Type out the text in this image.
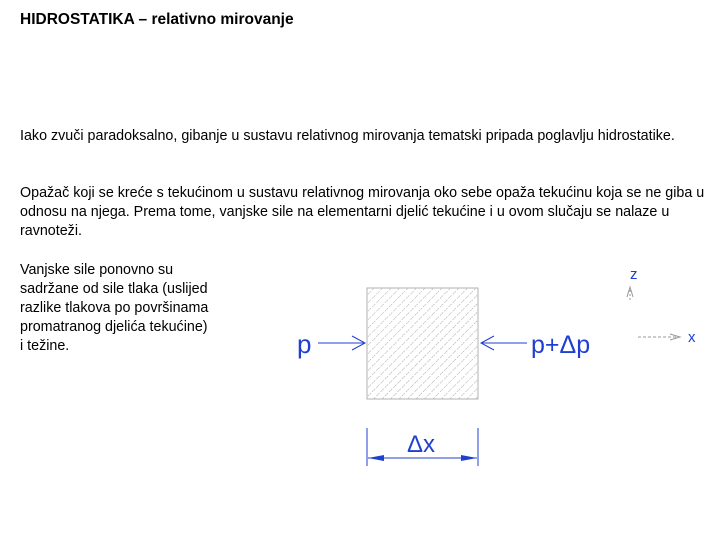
HIDROSTATIKA – relativno mirovanje

Iako zvuči paradoksalno, gibanje u sustavu relativnog mirovanja tematski pripada poglavlju hidrostatike.

Opažač koji se kreće s tekućinom u sustavu relativnog mirovanja oko sebe opaža tekućinu koja se ne giba u odnosu na njega. Prema tome, vanjske sile na elementarni djelić tekućine i u ovom slučaju se nalaze u ravnoteži.

Vanjske sile ponovno su sadržane od sile tlaka (uslijed razlike tlakova po površinama promatranog djelića tekućine) i težine.	p	p+Δp
Δx
z
x
